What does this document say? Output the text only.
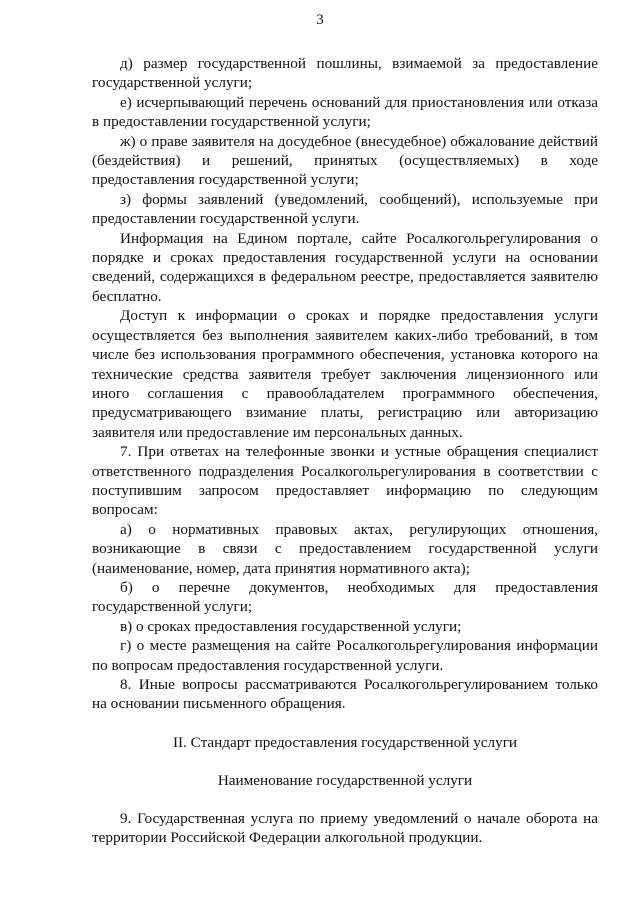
3

д) размер государственной пошлины, взимаемой за предоставление государственной услуги;

е) исчерпывающий перечень оснований для приостановления или отказа в предоставлении государственной услуги;

ж) о праве заявителя на досудебное (внесудебное) обжалование действий (бездействия) и решений, принятых (осуществляемых) в ходе предоставления государственной услуги;

з) формы заявлений (уведомлений, сообщений), используемые при предоставлении государственной услуги.

Информация на Едином портале, сайте Росалкогольрегулирования о порядке и сроках предоставления государственной услуги на основании сведений, содержащихся в федеральном реестре, предоставляется заявителю бесплатно.

Доступ к информации о сроках и порядке предоставления услуги осуществляется без выполнения заявителем каких-либо требований, в том числе без использования программного обеспечения, установка которого на технические средства заявителя требует заключения лицензионного или иного соглашения с правообладателем программного обеспечения, предусматривающего взимание платы, регистрацию или авторизацию заявителя или предоставление им персональных данных.

7. При ответах на телефонные звонки и устные обращения специалист ответственного подразделения Росалкогольрегулирования в соответствии с поступившим запросом предоставляет информацию по следующим вопросам:

а) о нормативных правовых актах, регулирующих отношения, возникающие в связи с предоставлением государственной услуги (наименование, номер, дата принятия нормативного акта);

б) о перечне документов, необходимых для предоставления государственной услуги;

в) о сроках предоставления государственной услуги;

г) о месте размещения на сайте Росалкогольрегулирования информации по вопросам предоставления государственной услуги.

8. Иные вопросы рассматриваются Росалкогольрегулированием только на основании письменного обращения.

II. Стандарт предоставления государственной услуги

Наименование государственной услуги

9. Государственная услуга по приему уведомлений о начале оборота на территории Российской Федерации алкогольной продукции.
